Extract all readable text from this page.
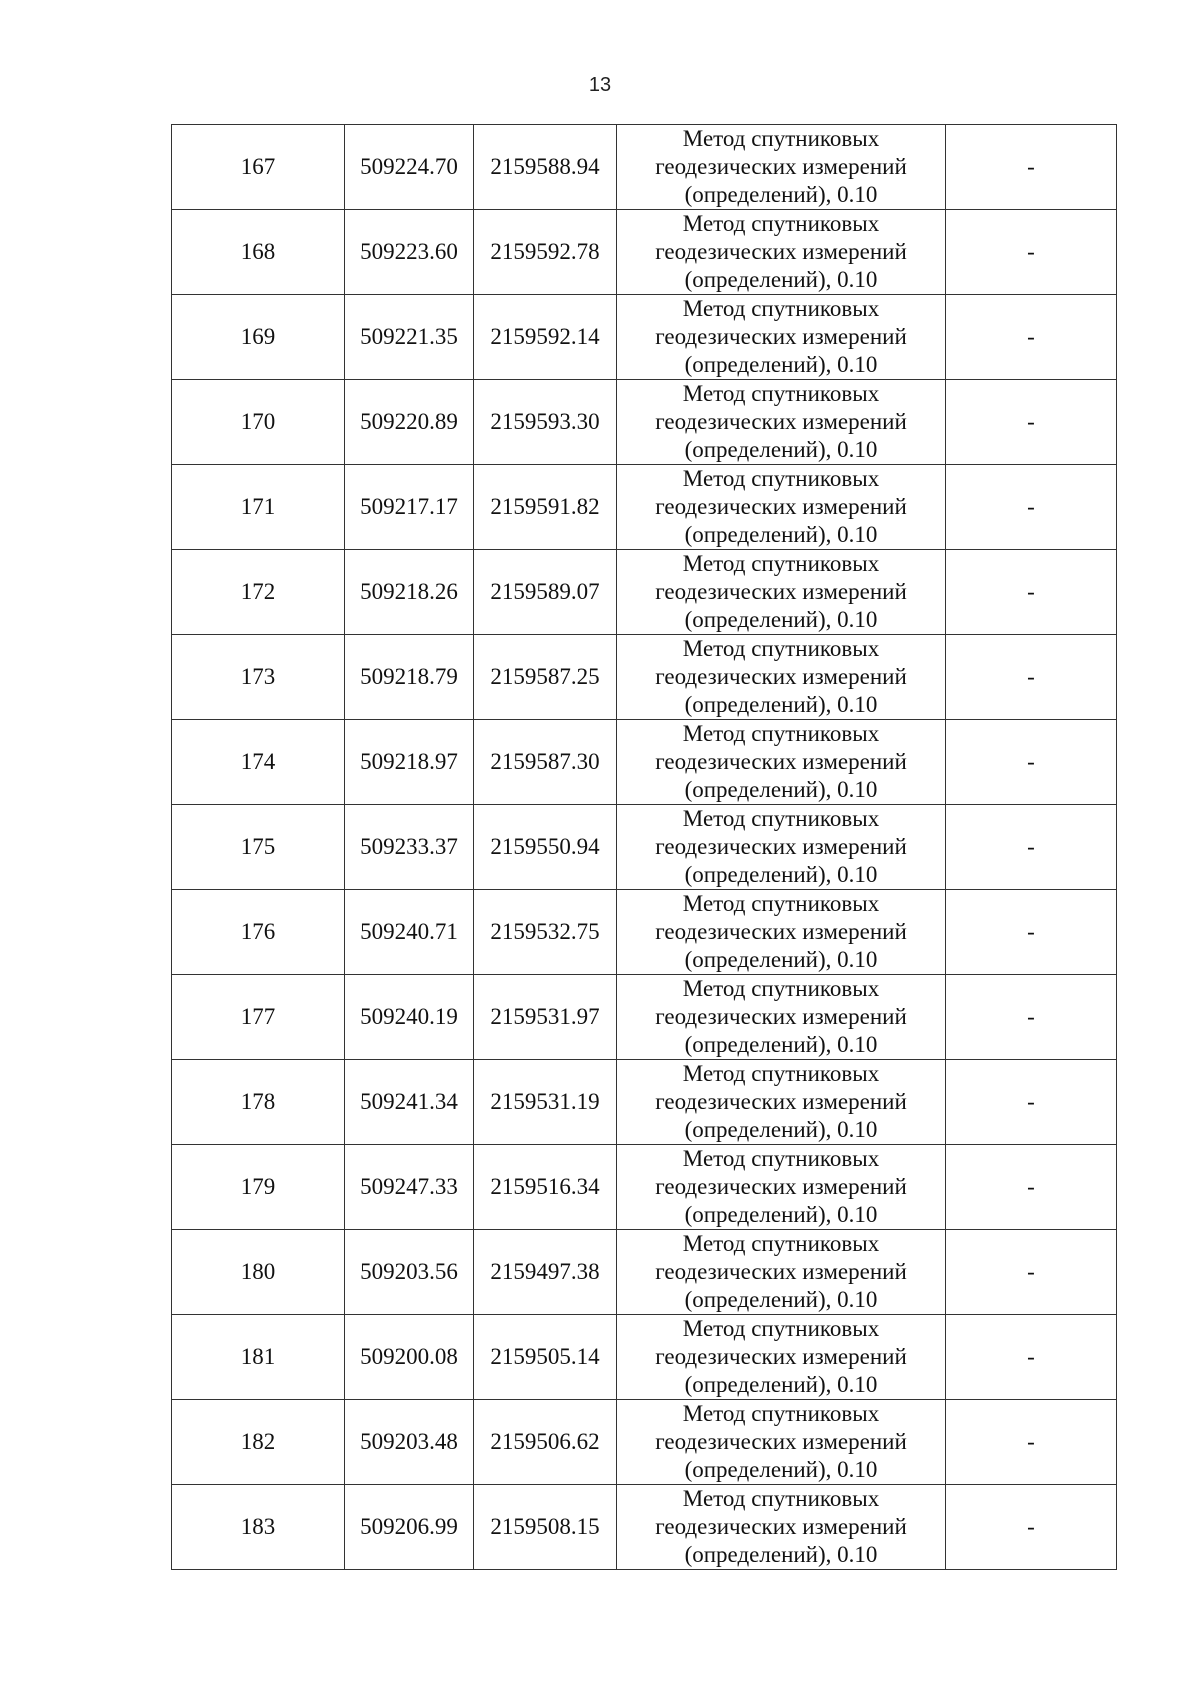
13
167	509224.70	2159588.94	Метод спутниковых
геодезических измерений
(определений), 0.10	-
168	509223.60	2159592.78	Метод спутниковых
геодезических измерений
(определений), 0.10	-
169	509221.35	2159592.14	Метод спутниковых
геодезических измерений
(определений), 0.10	-
170	509220.89	2159593.30	Метод спутниковых
геодезических измерений
(определений), 0.10	-
171	509217.17	2159591.82	Метод спутниковых
геодезических измерений
(определений), 0.10	-
172	509218.26	2159589.07	Метод спутниковых
геодезических измерений
(определений), 0.10	-
173	509218.79	2159587.25	Метод спутниковых
геодезических измерений
(определений), 0.10	-
174	509218.97	2159587.30	Метод спутниковых
геодезических измерений
(определений), 0.10	-
175	509233.37	2159550.94	Метод спутниковых
геодезических измерений
(определений), 0.10	-
176	509240.71	2159532.75	Метод спутниковых
геодезических измерений
(определений), 0.10	-
177	509240.19	2159531.97	Метод спутниковых
геодезических измерений
(определений), 0.10	-
178	509241.34	2159531.19	Метод спутниковых
геодезических измерений
(определений), 0.10	-
179	509247.33	2159516.34	Метод спутниковых
геодезических измерений
(определений), 0.10	-
180	509203.56	2159497.38	Метод спутниковых
геодезических измерений
(определений), 0.10	-
181	509200.08	2159505.14	Метод спутниковых
геодезических измерений
(определений), 0.10	-
182	509203.48	2159506.62	Метод спутниковых
геодезических измерений
(определений), 0.10	-
183	509206.99	2159508.15	Метод спутниковых
геодезических измерений
(определений), 0.10	-
